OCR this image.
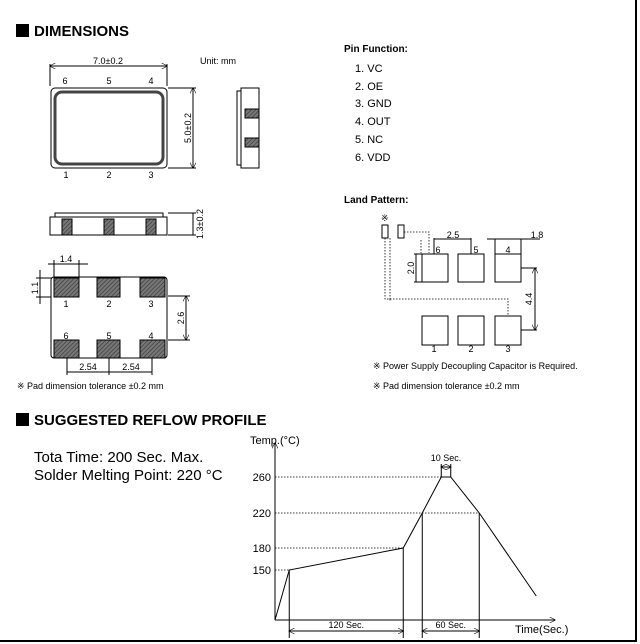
DIMENSIONS
Unit: mm
7.0±0.2
6	5	4
1	2	3
5.0±0.2
1.3±0.2
1.4
1.1
1	2	3
6	5	4
2.6
2.54	2.54
※ Pad dimension tolerance ±0.2 mm
Pin Function:
1. VC
2. OE
3. GND
4. OUT
5. NC
6. VDD
Land Pattern:
※
2.5	1.8
2.0
4.4
6	5	4
1	2	3
※ Power Supply Decoupling Capacitor is Required.
※ Pad dimension tolerance ±0.2 mm
SUGGESTED REFLOW PROFILE
Tota Time: 200 Sec. Max.
Solder Melting Point: 220 °C
Temp.(°C)
Time(Sec.)
150
180
220
260
120 Sec.	60 Sec.
10 Sec.
